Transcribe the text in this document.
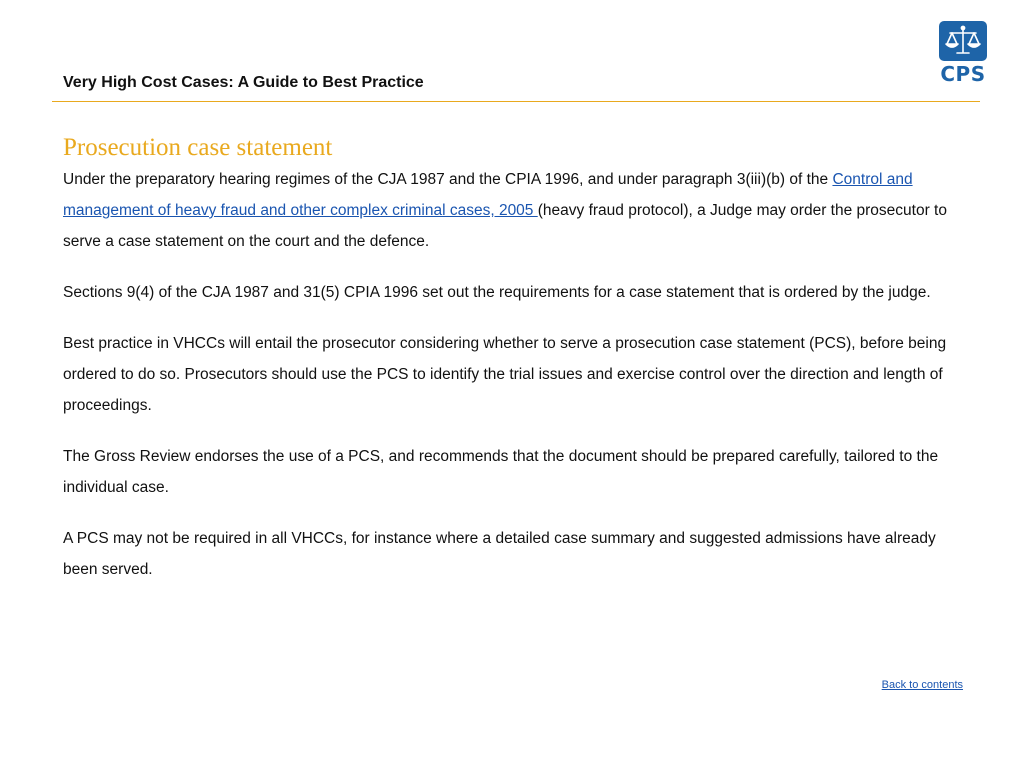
Very High Cost Cases: A Guide to Best Practice	CPS
Prosecution case statement

Under the preparatory hearing regimes of the CJA 1987 and the CPIA 1996, and under paragraph 3(iii)(b) of the Control and management of heavy fraud and other complex criminal cases, 2005 (heavy fraud protocol), a Judge may order the prosecutor to serve a case statement on the court and the defence.

Sections 9(4) of the CJA 1987 and 31(5) CPIA 1996 set out the requirements for a case statement that is ordered by the judge.

Best practice in VHCCs will entail the prosecutor considering whether to serve a prosecution case statement (PCS), before being ordered to do so. Prosecutors should use the PCS to identify the trial issues and exercise control over the direction and length of proceedings.

The Gross Review endorses the use of a PCS, and recommends that the document should be prepared carefully, tailored to the individual case.

A PCS may not be required in all VHCCs, for instance where a detailed case summary and suggested admissions have already been served.

Back to contents
